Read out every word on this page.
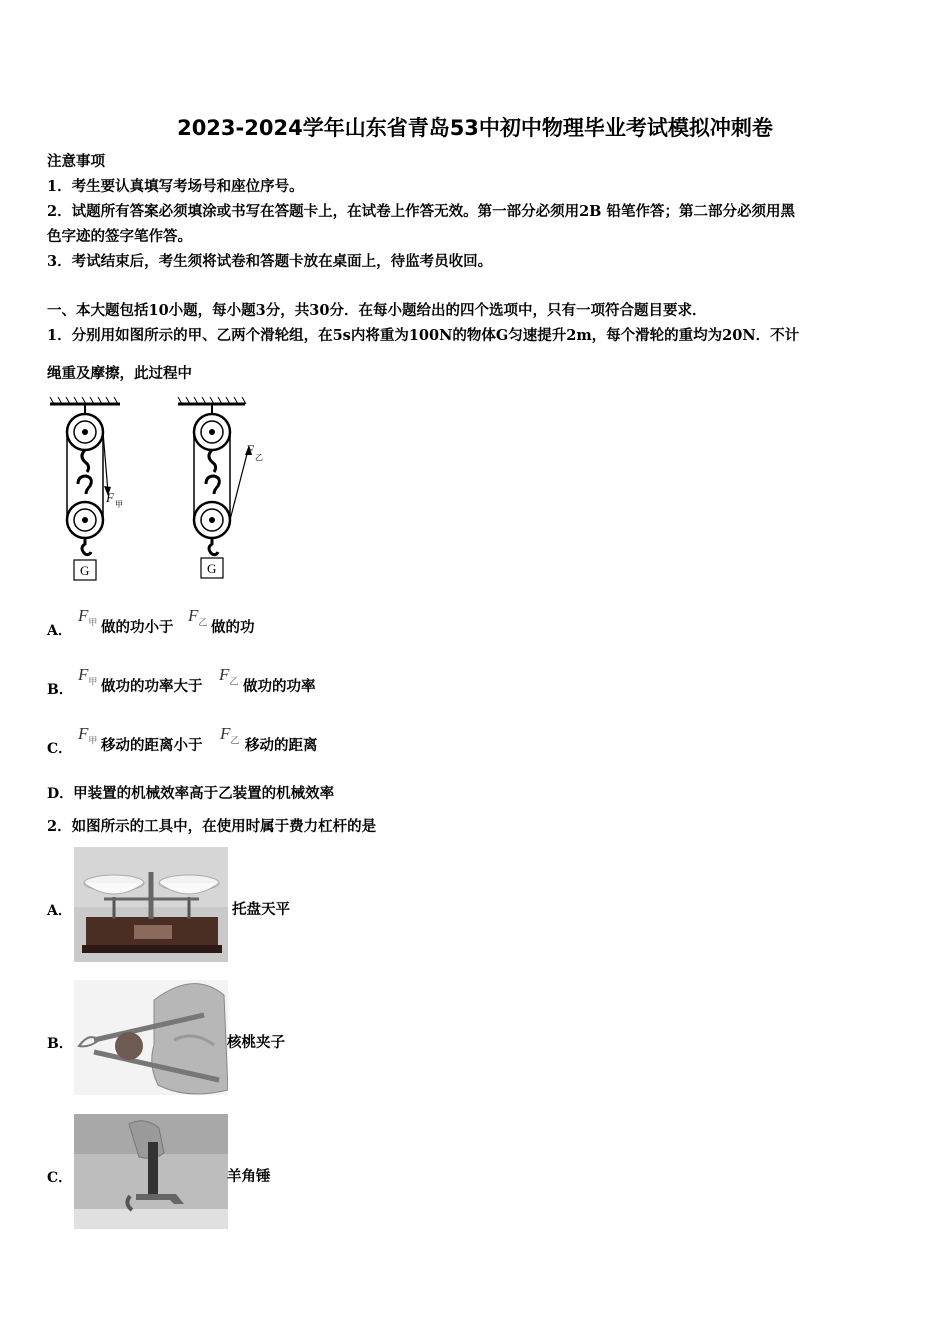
2023-2024学年山东省青岛53中初中物理毕业考试模拟冲刺卷
注意事项
1．考生要认真填写考场号和座位序号。
2．试题所有答案必须填涂或书写在答题卡上，在试卷上作答无效。第一部分必须用2B 铅笔作答；第二部分必须用黑
色字迹的签字笔作答。
3．考试结束后，考生须将试卷和答题卡放在桌面上，待监考员收回。
一、本大题包括10小题，每小题3分，共30分．在每小题给出的四个选项中，只有一项符合题目要求．
1．分别用如图所示的甲、乙两个滑轮组，在5s内将重为100N的物体G匀速提升2m，每个滑轮的重均为20N．不计
绳重及摩擦，此过程中
F 甲
G
F
乙
G
A．
$F_甲$ 做的功小于
$F_乙$ 做的功
B．
$F_甲$ 做功的功率大于
$F_乙$ 做功的功率
C．
$F_甲$ 移动的距离小于
$F_乙$ 移动的距离
D．甲装置的机械效率高于乙装置的机械效率
2．如图所示的工具中，在使用时属于费力杠杆的是
A．	托盘天平
B．	核桃夹子
C．	羊角锤
